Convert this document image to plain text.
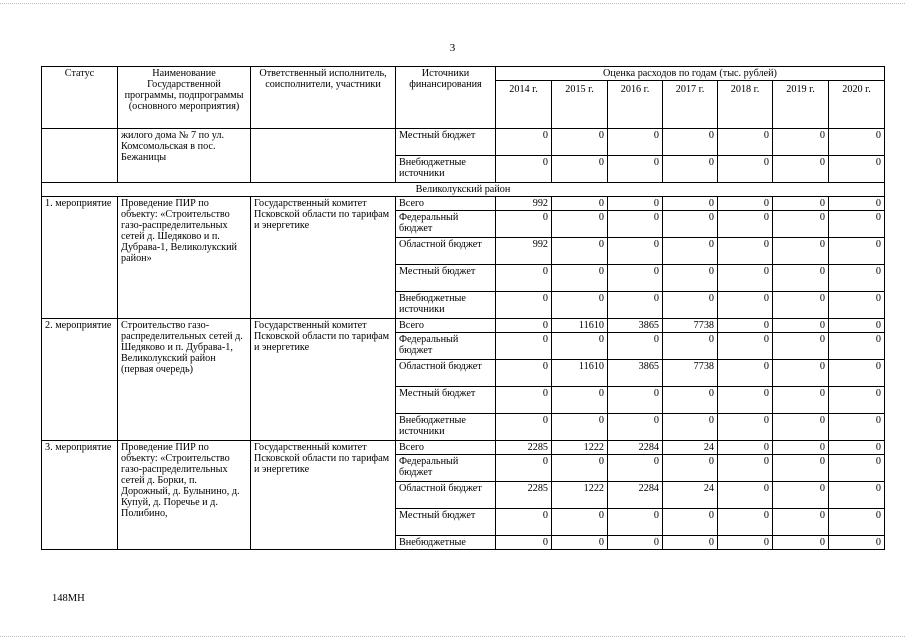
3
Статус	Наименование Государственной программы, подпрограммы (основного мероприятия)	Ответственный исполнитель, соисполнители, участники	Источники финансирования	Оценка расходов по годам (тыс. рублей)						
				2014 г.	2015 г.	2016 г.	2017 г.	2018 г.	2019 г.	2020 г.
	жилого дома № 7 по ул. Комсомольская в пос. Бежаницы		Местный бюджет	0	0	0	0	0	0	0
			Внебюджетные источники	0	0	0	0	0	0	0
Великолукский район										
1. мероприятие	Проведение ПИР по объекту: «Строительство газо-распределительных сетей д. Шедяково и п. Дубрава-1, Великолукский район»	Государственный комитет Псковской области по тарифам и энергетике	Всего	992	0	0	0	0	0	0
			Федеральный бюджет	0	0	0	0	0	0	0
			Областной бюджет	992	0	0	0	0	0	0
			Местный бюджет	0	0	0	0	0	0	0
			Внебюджетные источники	0	0	0	0	0	0	0
2. мероприятие	Строительство газо-распределительных сетей д. Шедяково и п. Дубрава-1, Великолукский район (первая очередь)	Государственный комитет Псковской области по тарифам и энергетике	Всего	0	11610	3865	7738	0	0	0
			Федеральный бюджет	0	0	0	0	0	0	0
			Областной бюджет	0	11610	3865	7738	0	0	0
			Местный бюджет	0	0	0	0	0	0	0
			Внебюджетные источники	0	0	0	0	0	0	0
3. мероприятие	Проведение ПИР по объекту: «Строительство газо-распределительных сетей д. Борки, п. Дорожный, д. Булынино, д. Купуй, д. Поречье и д. Полибино,	Государственный комитет Псковской области по тарифам и энергетике	Всего	2285	1222	2284	24	0	0	0
			Федеральный бюджет	0	0	0	0	0	0	0
			Областной бюджет	2285	1222	2284	24	0	0	0
			Местный бюджет	0	0	0	0	0	0	0
			Внебюджетные	0	0	0	0	0	0	0
148МН
